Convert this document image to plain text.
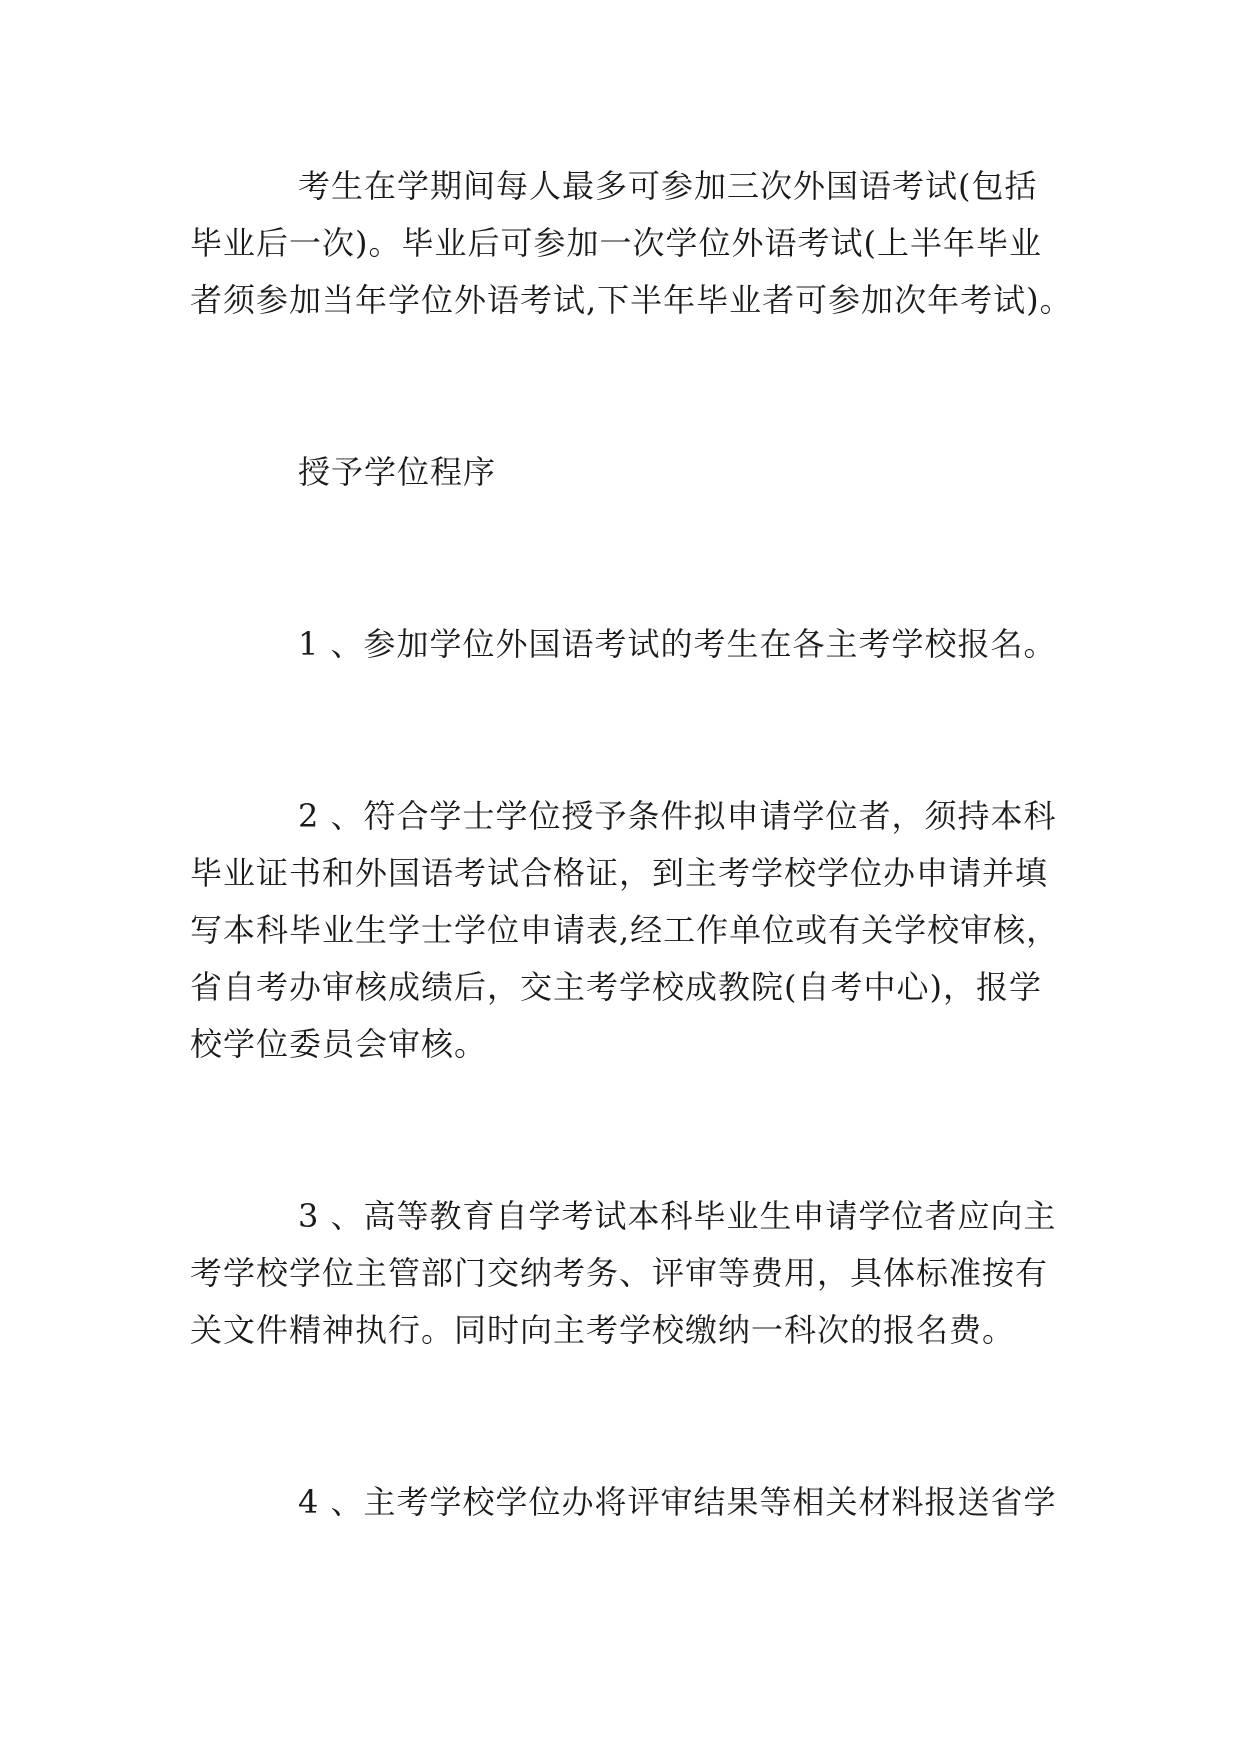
考生在学期间每人最多可参加三次外国语考试(包括
毕业后一次)。毕业后可参加一次学位外语考试(上半年毕业
者须参加当年学位外语考试,下半年毕业者可参加次年考试)。
授予学位程序
1 、参加学位外国语考试的考生在各主考学校报名。
2 、符合学士学位授予条件拟申请学位者，须持本科
毕业证书和外国语考试合格证，到主考学校学位办申请并填
写本科毕业生学士学位申请表,经工作单位或有关学校审核，
省自考办审核成绩后，交主考学校成教院(自考中心)，报学
校学位委员会审核。
3 、高等教育自学考试本科毕业生申请学位者应向主
考学校学位主管部门交纳考务、评审等费用，具体标准按有
关文件精神执行。同时向主考学校缴纳一科次的报名费。
4 、主考学校学位办将评审结果等相关材料报送省学
